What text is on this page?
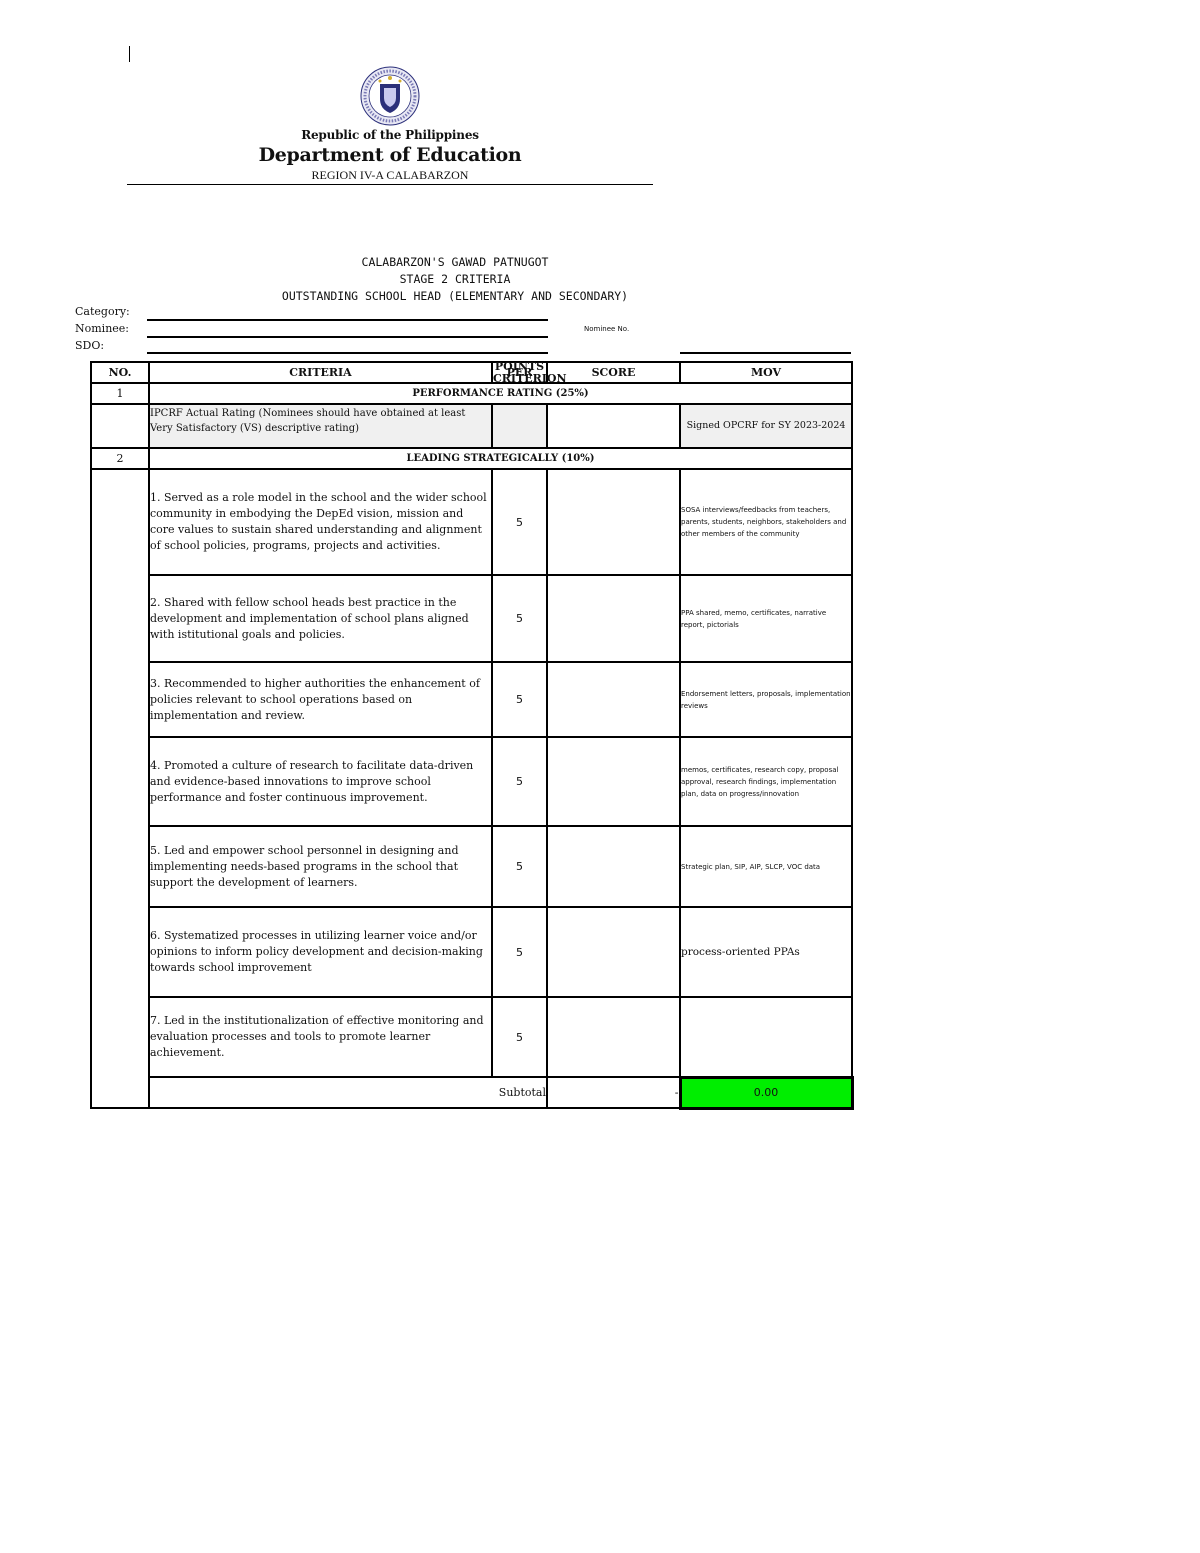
Republic of the Philippines
Department of Education
REGION IV-A CALABARZON
CALABARZON'S GAWAD PATNUGOT
STAGE 2 CRITERIA
OUTSTANDING SCHOOL HEAD (ELEMENTARY AND SECONDARY)
Category:
Nominee:
SDO:
Nominee No.
NO.	CRITERIA	POINTS PER CRITERION	SCORE	MOV
1	PERFORMANCE RATING (25%)			
	IPCRF Actual Rating (Nominees should have obtained at least Very Satisfactory (VS) descriptive rating)			Signed OPCRF for SY 2023-2024
2	LEADING STRATEGICALLY (10%)			
	1. Served as a role model in the school and the wider school community in embodying the DepEd vision, mission and core values to sustain shared understanding and alignment of school policies, programs, projects and activities.	5		SOSA interviews/feedbacks from teachers, parents, students, neighbors, stakeholders and other members of the community
	2. Shared with fellow school heads best practice in the development and implementation of school plans aligned with istitutional goals and policies.	5		PPA shared, memo, certificates, narrative report, pictorials
	3. Recommended to higher authorities the enhancement of policies relevant to school operations based on implementation and review.	5		Endorsement letters, proposals, implementation reviews
	4. Promoted a culture of research to facilitate data-driven and evidence-based innovations to improve school performance and foster continuous improvement.	5		memos, certificates, research copy, proposal approval, research findings, implementation plan, data on progress/innovation
	5. Led and empower school personnel in designing and implementing needs-based programs in the school that support the development of learners.	5		Strategic plan, SIP, AIP, SLCP, VOC data
	6. Systematized processes in utilizing learner voice and/or opinions to inform policy development and decision-making towards school improvement	5		process-oriented PPAs
	7. Led in the institutionalization of effective monitoring and evaluation processes and tools to promote learner achievement.	5		
	Subtotal		-	0.00
